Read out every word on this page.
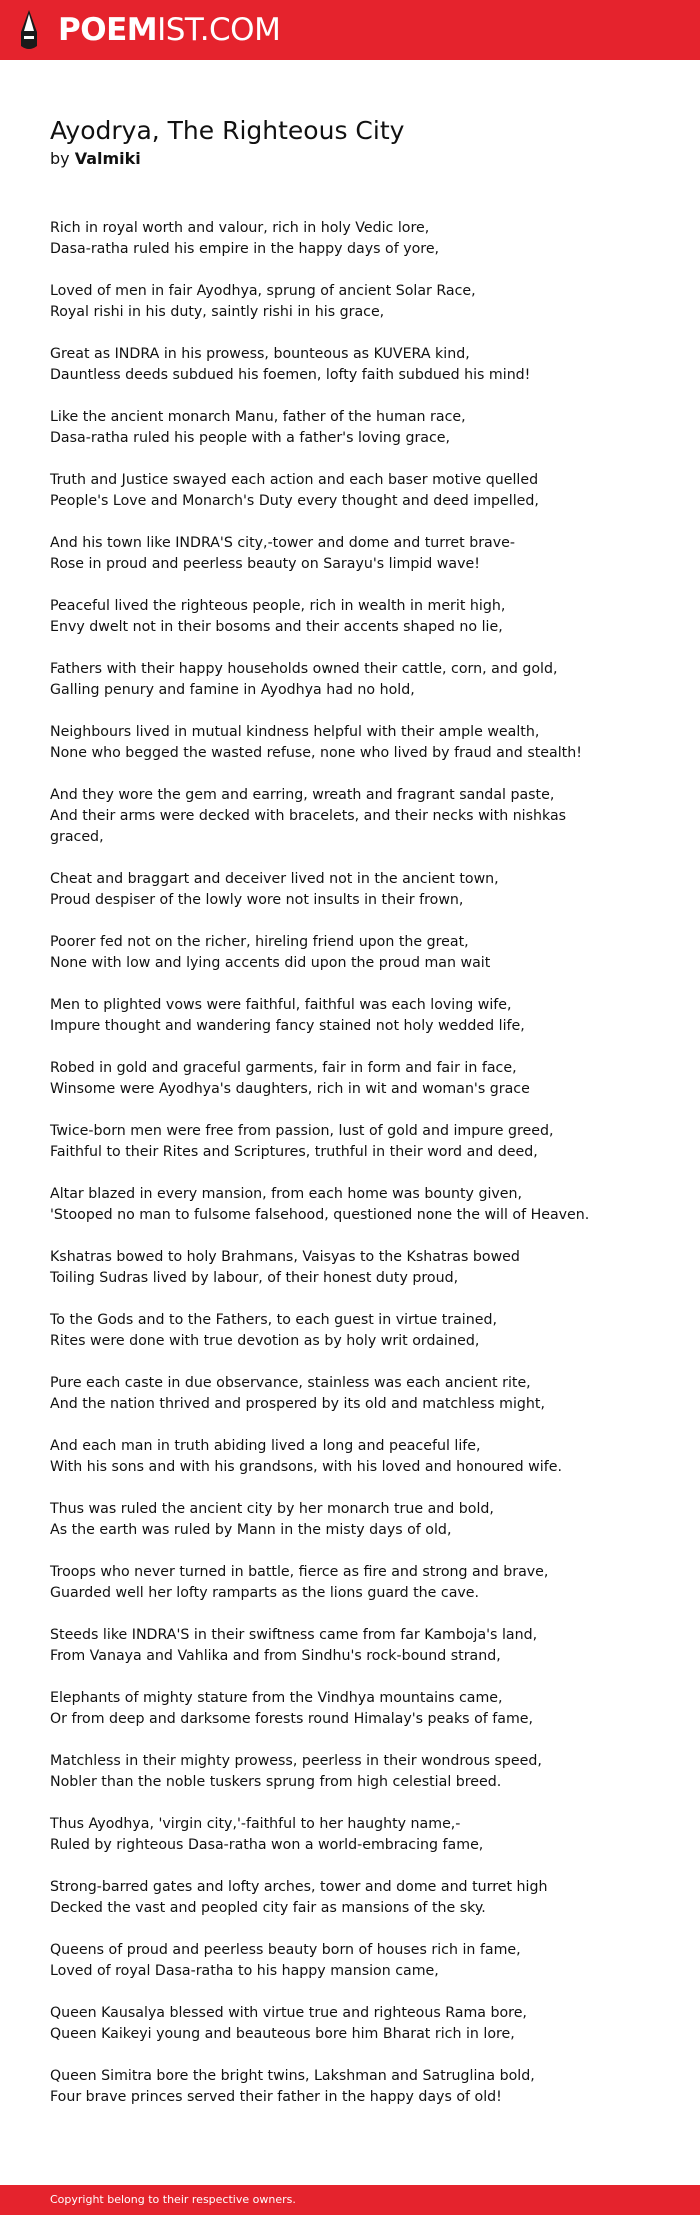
POEMIST.COM
Ayodrya, The Righteous City
by Valmiki
Rich in royal worth and valour, rich in holy Vedic lore,
Dasa-ratha ruled his empire in the happy days of yore,
Loved of men in fair Ayodhya, sprung of ancient Solar Race,
Royal rishi in his duty, saintly rishi in his grace,
Great as INDRA in his prowess, bounteous as KUVERA kind,
Dauntless deeds subdued his foemen, lofty faith subdued his mind!
Like the ancient monarch Manu, father of the human race,
Dasa-ratha ruled his people with a father's loving grace,
Truth and Justice swayed each action and each baser motive quelled
People's Love and Monarch's Duty every thought and deed impelled,
And his town like INDRA'S city,-tower and dome and turret brave-
Rose in proud and peerless beauty on Sarayu's limpid wave!
Peaceful lived the righteous people, rich in wealth in merit high,
Envy dwelt not in their bosoms and their accents shaped no lie,
Fathers with their happy households owned their cattle, corn, and gold,
Galling penury and famine in Ayodhya had no hold,
Neighbours lived in mutual kindness helpful with their ample wealth,
None who begged the wasted refuse, none who lived by fraud and stealth!
And they wore the gem and earring, wreath and fragrant sandal paste,
And their arms were decked with bracelets, and their necks with nishkas
graced,
Cheat and braggart and deceiver lived not in the ancient town,
Proud despiser of the lowly wore not insults in their frown,
Poorer fed not on the richer, hireling friend upon the great,
None with low and lying accents did upon the proud man wait
Men to plighted vows were faithful, faithful was each loving wife,
Impure thought and wandering fancy stained not holy wedded life,
Robed in gold and graceful garments, fair in form and fair in face,
Winsome were Ayodhya's daughters, rich in wit and woman's grace
Twice-born men were free from passion, lust of gold and impure greed,
Faithful to their Rites and Scriptures, truthful in their word and deed,
Altar blazed in every mansion, from each home was bounty given,
'Stooped no man to fulsome falsehood, questioned none the will of Heaven.
Kshatras bowed to holy Brahmans, Vaisyas to the Kshatras bowed
Toiling Sudras lived by labour, of their honest duty proud,
To the Gods and to the Fathers, to each guest in virtue trained,
Rites were done with true devotion as by holy writ ordained,
Pure each caste in due observance, stainless was each ancient rite,
And the nation thrived and prospered by its old and matchless might,
And each man in truth abiding lived a long and peaceful life,
With his sons and with his grandsons, with his loved and honoured wife.
Thus was ruled the ancient city by her monarch true and bold,
As the earth was ruled by Mann in the misty days of old,
Troops who never turned in battle, fierce as fire and strong and brave,
Guarded well her lofty ramparts as the lions guard the cave.
Steeds like INDRA'S in their swiftness came from far Kamboja's land,
From Vanaya and Vahlika and from Sindhu's rock-bound strand,
Elephants of mighty stature from the Vindhya mountains came,
Or from deep and darksome forests round Himalay's peaks of fame,
Matchless in their mighty prowess, peerless in their wondrous speed,
Nobler than the noble tuskers sprung from high celestial breed.
Thus Ayodhya, 'virgin city,'-faithful to her haughty name,-
Ruled by righteous Dasa-ratha won a world-embracing fame,
Strong-barred gates and lofty arches, tower and dome and turret high
Decked the vast and peopled city fair as mansions of the sky.
Queens of proud and peerless beauty born of houses rich in fame,
Loved of royal Dasa-ratha to his happy mansion came,
Queen Kausalya blessed with virtue true and righteous Rama bore,
Queen Kaikeyi young and beauteous bore him Bharat rich in lore,
Queen Simitra bore the bright twins, Lakshman and Satruglina bold,
Four brave princes served their father in the happy days of old!
Copyright belong to their respective owners.
